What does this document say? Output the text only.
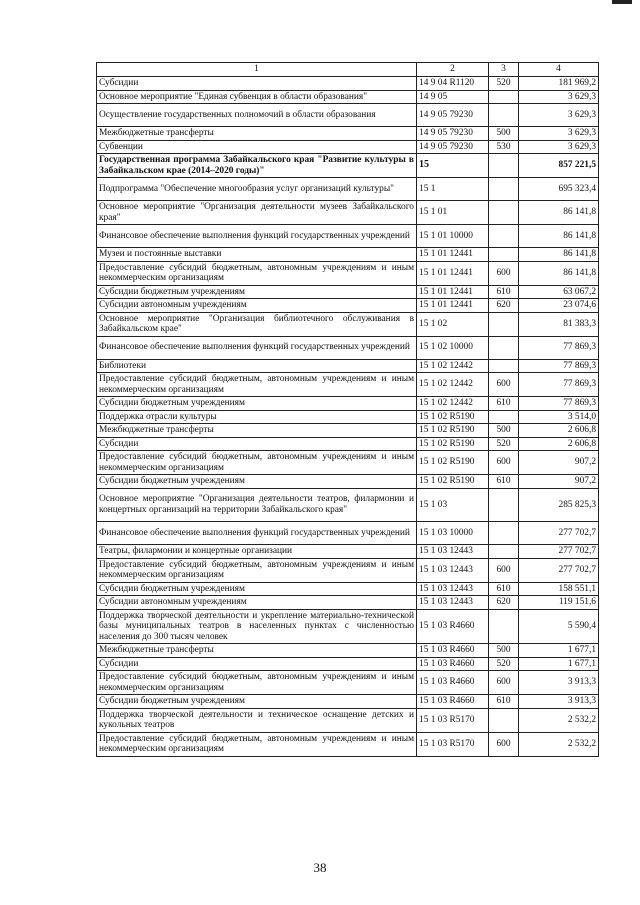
1	2	3	4
Субсидии	14 9 04 R1120	520	181 969,2
Основное мероприятие "Единая субвенция в области образования"	14 9 05		3 629,3
Осуществление государственных полномочий в области образования	14 9 05 79230		3 629,3
Межбюджетные трансферты	14 9 05 79230	500	3 629,3
Субвенции	14 9 05 79230	530	3 629,3
Государственная программа Забайкальского края "Развитие культуры в Забайкальском крае (2014–2020 годы)"	15		857 221,5
Подпрограмма "Обеспечение многообразия услуг организаций культуры"	15 1		695 323,4
Основное мероприятие "Организация деятельности музеев Забайкальского края"	15 1 01		86 141,8
Финансовое обеспечение выполнения функций государственных учреждений	15 1 01 10000		86 141,8
Музеи и постоянные выставки	15 1 01 12441		86 141,8
Предоставление субсидий бюджетным, автономным учреждениям и иным некоммерческим организациям	15 1 01 12441	600	86 141,8
Субсидии бюджетным учреждениям	15 1 01 12441	610	63 067,2
Субсидии автономным учреждениям	15 1 01 12441	620	23 074,6
Основное мероприятие "Организация библиотечного обслуживания в Забайкальском крае"	15 1 02		81 383,3
Финансовое обеспечение выполнения функций государственных учреждений	15 1 02 10000		77 869,3
Библиотеки	15 1 02 12442		77 869,3
Предоставление субсидий бюджетным, автономным учреждениям и иным некоммерческим организациям	15 1 02 12442	600	77 869,3
Субсидии бюджетным учреждениям	15 1 02 12442	610	77 869,3
Поддержка отрасли культуры	15 1 02 R5190		3 514,0
Межбюджетные трансферты	15 1 02 R5190	500	2 606,8
Субсидии	15 1 02 R5190	520	2 606,8
Предоставление субсидий бюджетным, автономным учреждениям и иным некоммерческим организациям	15 1 02 R5190	600	907,2
Субсидии бюджетным учреждениям	15 1 02 R5190	610	907,2
Основное мероприятие "Организация деятельности театров, филармонии и концертных организаций на территории Забайкальского края"	15 1 03		285 825,3
Финансовое обеспечение выполнения функций государственных учреждений	15 1 03 10000		277 702,7
Театры, филармонии и концертные организации	15 1 03 12443		277 702,7
Предоставление субсидий бюджетным, автономным учреждениям и иным некоммерческим организациям	15 1 03 12443	600	277 702,7
Субсидии бюджетным учреждениям	15 1 03 12443	610	158 551,1
Субсидии автономным учреждениям	15 1 03 12443	620	119 151,6
Поддержка творческой деятельности и укрепление материально-технической базы муниципальных театров в населенных пунктах с численностью населения до 300 тысяч человек	15 1 03 R4660		5 590,4
Межбюджетные трансферты	15 1 03 R4660	500	1 677,1
Субсидии	15 1 03 R4660	520	1 677,1
Предоставление субсидий бюджетным, автономным учреждениям и иным некоммерческим организациям	15 1 03 R4660	600	3 913,3
Субсидии бюджетным учреждениям	15 1 03 R4660	610	3 913,3
Поддержка творческой деятельности и техническое оснащение детских и кукольных театров	15 1 03 R5170		2 532,2
Предоставление субсидий бюджетным, автономным учреждениям и иным некоммерческим организациям	15 1 03 R5170	600	2 532,2
38
